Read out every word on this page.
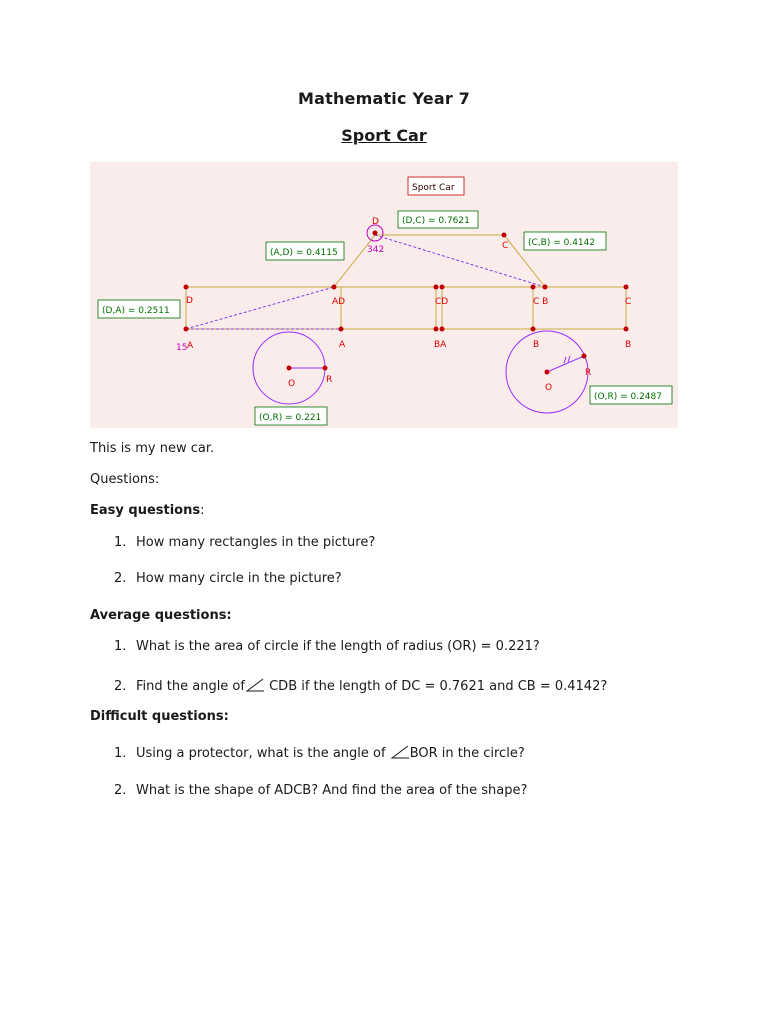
Mathematic Year 7
Sport Car
D
C
D
A
AD
A
CD
BA
C B
B
C
B
O	R
O
R
342
15
Sport Car
(D,C) = 0.7621
(A,D) = 0.4115
(C,B) = 0.4142
(D,A) = 0.2511
(O,R) = 0.221
(O,R) = 0.2487
This is my new car.
Questions:
Easy questions:
1. How many rectangles in the picture?
2. How many circle in the picture?
Average questions:
1. What is the area of circle if the length of radius (OR) = 0.221?
2. Find the angle of CDB if the length of DC = 0.7621 and CB = 0.4142?
Difficult questions:
1. Using a protector, what is the angle of BOR in the circle?
2. What is the shape of ADCB? And find the area of the shape?
